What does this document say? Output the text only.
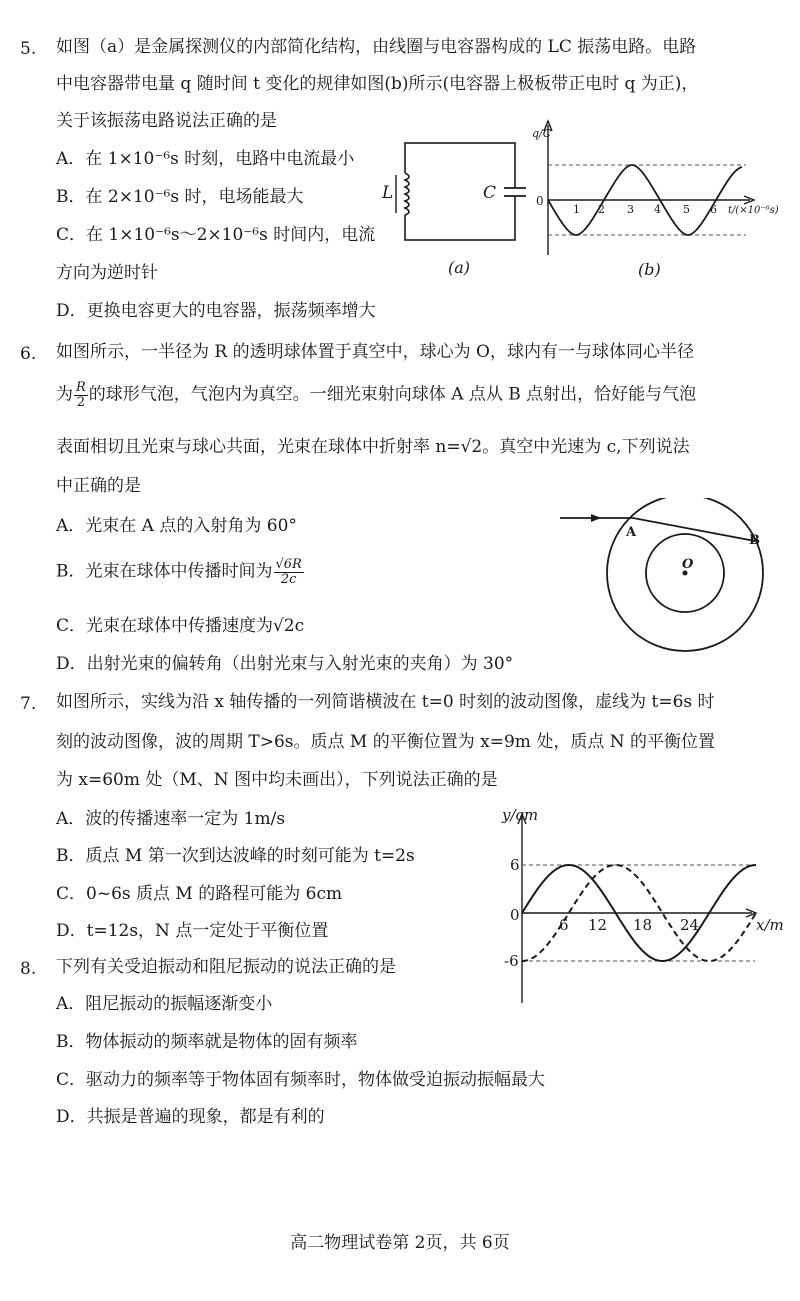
5. 如图（a）是金属探测仪的内部简化结构，由线圈与电容器构成的 LC 振荡电路。电路
中电容器带电量 q 随时间 t 变化的规律如图(b)所示(电容器上极板带正电时 q 为正)，
关于该振荡电路说法正确的是
A．在 1×10⁻⁶s 时刻，电路中电流最小
B．在 2×10⁻⁶s 时，电场能最大
C．在 1×10⁻⁶s～2×10⁻⁶s 时间内，电流
方向为逆时针
D．更换电容更大的电容器，振荡频率增大
L	C
(a)
q/C
0
1 2 3 4 5 6 t/(×10⁻⁶s)
(b)
6. 如图所示，一半径为 R 的透明球体置于真空中，球心为 O，球内有一与球体同心半径
为 $\frac{R}{2}$ 的球形气泡，气泡内为真空。一细光束射向球体 A 点从 B 点射出，恰好能与气泡
表面相切且光束与球心共面，光束在球体中折射率 n=√2。真空中光速为 c,下列说法
中正确的是
A．光束在 A 点的入射角为 60°
B．光束在球体中传播时间为 $\frac{√6R}{2c}$
C．光束在球体中传播速度为√2c
D．出射光束的偏转角（出射光束与入射光束的夹角）为 30°
A
B
O
7. 如图所示，实线为沿 x 轴传播的一列简谐横波在 t=0 时刻的波动图像，虚线为 t=6s 时
刻的波动图像，波的周期 T>6s。质点 M 的平衡位置为 x=9m 处，质点 N 的平衡位置
为 x=60m 处（M、N 图中均未画出），下列说法正确的是
A．波的传播速率一定为 1m/s
B．质点 M 第一次到达波峰的时刻可能为 t=2s
C．0~6s 质点 M 的路程可能为 6cm
D．t=12s，N 点一定处于平衡位置
y/cm
x/m
6
0
-6
6 12 18 24
8. 下列有关受迫振动和阻尼振动的说法正确的是
A．阻尼振动的振幅逐渐变小
B．物体振动的频率就是物体的固有频率
C．驱动力的频率等于物体固有频率时，物体做受迫振动振幅最大
D．共振是普遍的现象，都是有利的
高二物理试卷第 2页，共 6页
